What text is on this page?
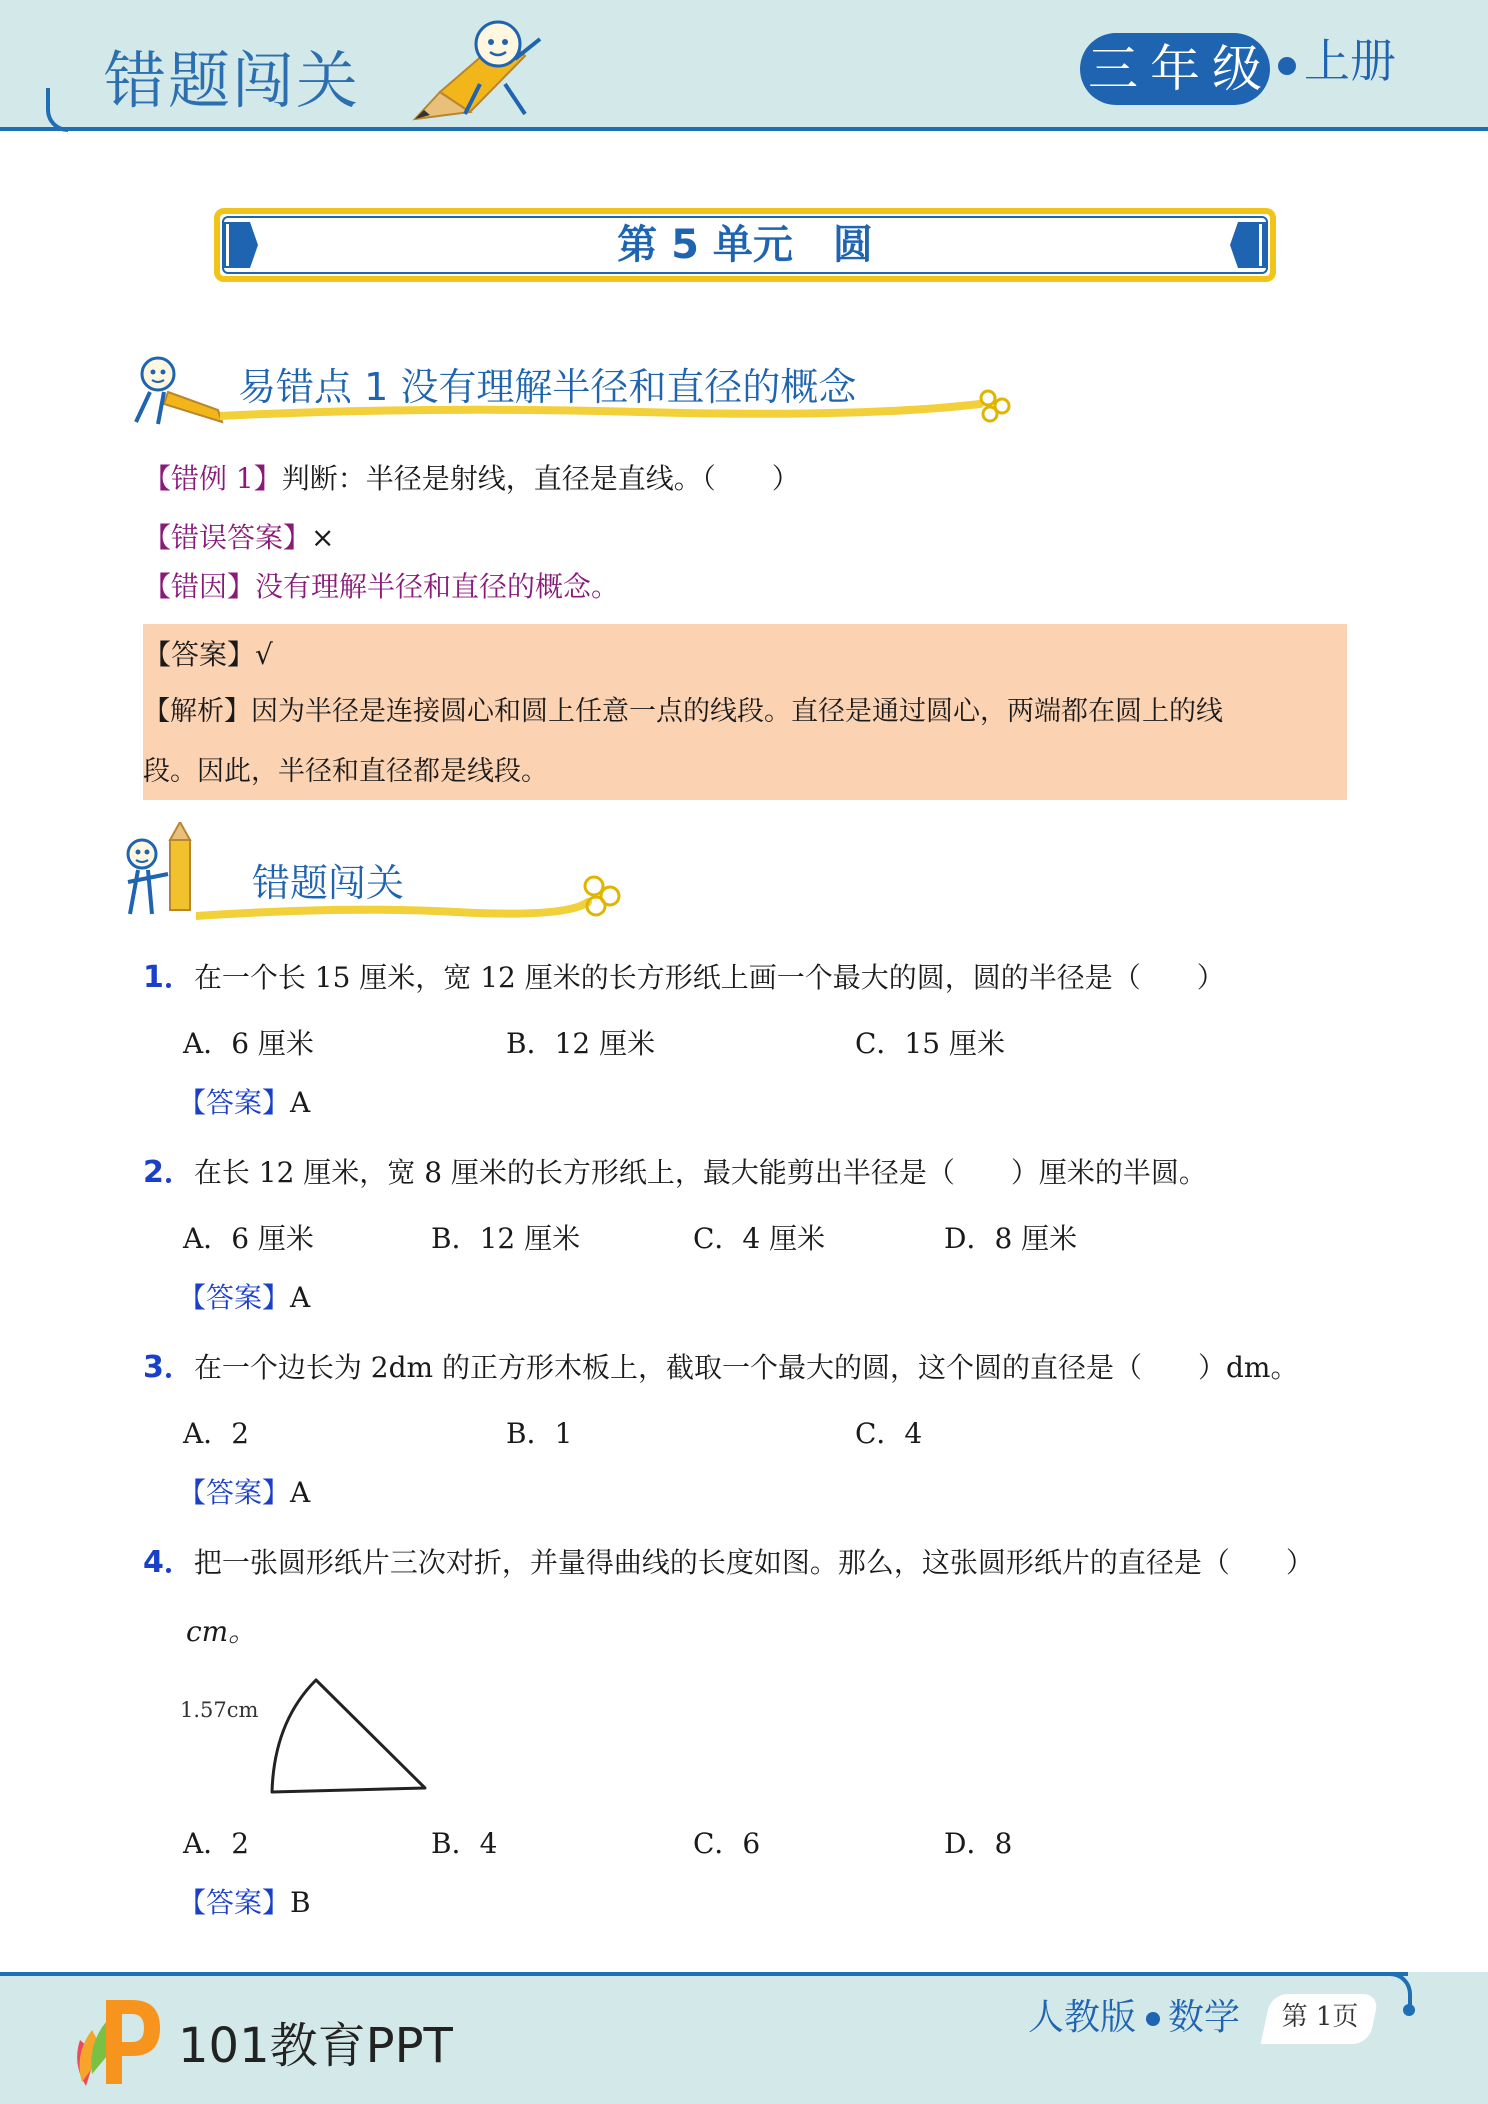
错题闯关	三 年 级 上册
第 5 单元　圆
易错点 1 没有理解半径和直径的概念
【错例 1】判断：半径是射线，直径是直线。（　　）
【错误答案】×
【错因】没有理解半径和直径的概念。
【答案】√
【解析】因为半径是连接圆心和圆上任意一点的线段。直径是通过圆心，两端都在圆上的线
段。因此，半径和直径都是线段。
错题闯关
1．在一个长 15 厘米，宽 12 厘米的长方形纸上画一个最大的圆，圆的半径是（　　）
A．6 厘米	B．12 厘米	C．15 厘米
【答案】A
2．在长 12 厘米，宽 8 厘米的长方形纸上，最大能剪出半径是（　　）厘米的半圆。
A．6 厘米	B．12 厘米	C．4 厘米	D．8 厘米
【答案】A
3．在一个边长为 2dm 的正方形木板上，截取一个最大的圆，这个圆的直径是（　　）dm。
A．2	B．1	C．4
【答案】A
4．把一张圆形纸片三次对折，并量得曲线的长度如图。那么，这张圆形纸片的直径是（　　）
cm。
1.57cm
A．2	B．4	C．6	D．8
【答案】B
P 101教育PPT
人教版 数学	第 1页
